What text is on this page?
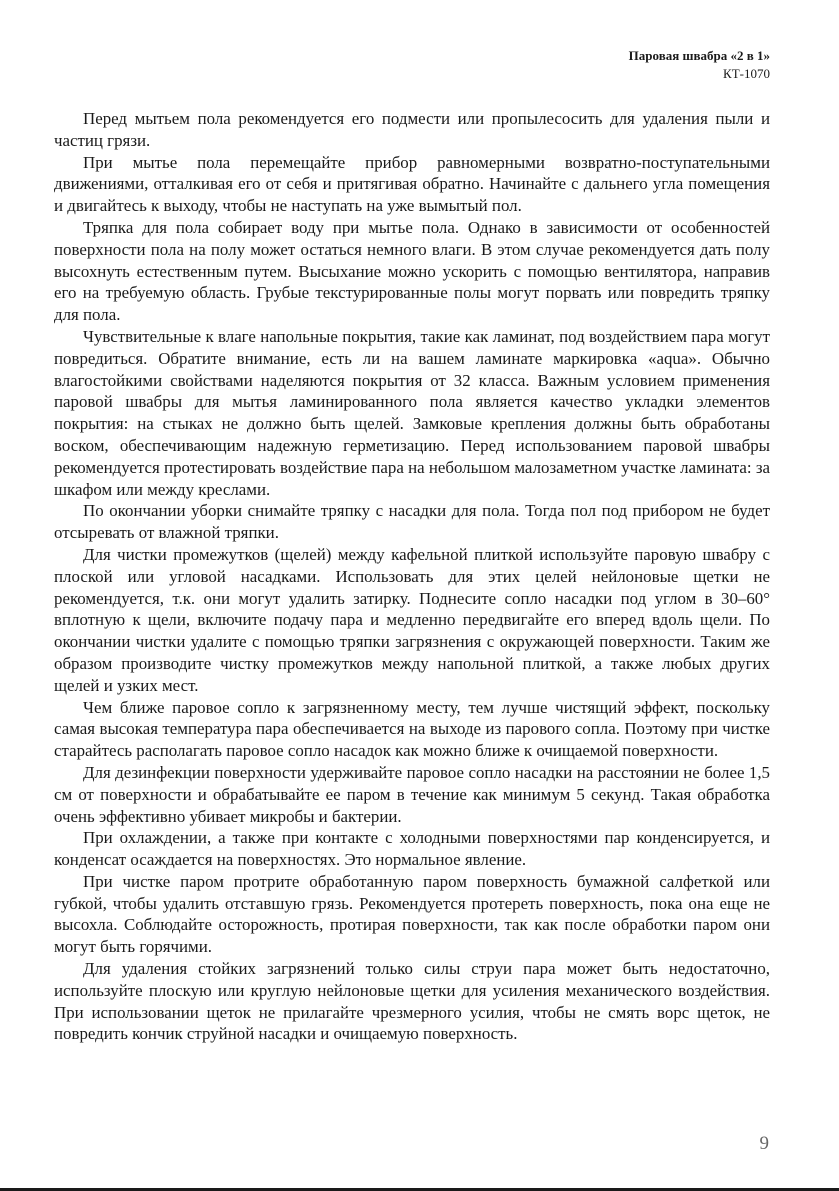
Паровая швабра «2 в 1»
КТ-1070

Перед мытьем пола рекомендуется его подмести или пропылесосить для удаления пыли и частиц грязи.

При мытье пола перемещайте прибор равномерными возвратно-поступательными движениями, отталкивая его от себя и притягивая обратно. Начинайте с дальнего угла помещения и двигайтесь к выходу, чтобы не наступать на уже вымытый пол.

Тряпка для пола собирает воду при мытье пола. Однако в зависимости от особенностей поверхности пола на полу может остаться немного влаги. В этом случае рекомендуется дать полу высохнуть естественным путем. Высыхание можно ускорить с помощью вентилятора, направив его на требуемую область. Грубые текстурированные полы могут порвать или повредить тряпку для пола.

Чувствительные к влаге напольные покрытия, такие как ламинат, под воздействием пара могут повредиться. Обратите внимание, есть ли на вашем ламинате маркировка «aqua». Обычно влагостойкими свойствами наделяются покрытия от 32 класса. Важным условием применения паровой швабры для мытья ламинированного пола является качество укладки элементов покрытия: на стыках не должно быть щелей. Замковые крепления должны быть обработаны воском, обеспечивающим надежную герметизацию. Перед использованием паровой швабры рекомендуется протестировать воздействие пара на небольшом малозаметном участке ламината: за шкафом или между креслами.

По окончании уборки снимайте тряпку с насадки для пола. Тогда пол под прибором не будет отсыревать от влажной тряпки.

Для чистки промежутков (щелей) между кафельной плиткой используйте паровую швабру с плоской или угловой насадками. Использовать для этих целей нейлоновые щетки не рекомендуется, т.к. они могут удалить затирку. Поднесите сопло насадки под углом в 30–60° вплотную к щели, включите подачу пара и медленно передвигайте его вперед вдоль щели. По окончании чистки удалите с помощью тряпки загрязнения с окружающей поверхности. Таким же образом производите чистку промежутков между напольной плиткой, а также любых других щелей и узких мест.

Чем ближе паровое сопло к загрязненному месту, тем лучше чистящий эффект, поскольку самая высокая температура пара обеспечивается на выходе из парового сопла. Поэтому при чистке старайтесь располагать паровое сопло насадок как можно ближе к очищаемой поверхности.

Для дезинфекции поверхности удерживайте паровое сопло насадки на расстоянии не более 1,5 см от поверхности и обрабатывайте ее паром в течение как минимум 5 секунд. Такая обработка очень эффективно убивает микробы и бактерии.

При охлаждении, а также при контакте с холодными поверхностями пар конденсируется, и конденсат осаждается на поверхностях. Это нормальное явление.

При чистке паром протрите обработанную паром поверхность бумажной салфеткой или губкой, чтобы удалить отставшую грязь. Рекомендуется протереть поверхность, пока она еще не высохла. Соблюдайте осторожность, протирая поверхности, так как после обработки паром они могут быть горячими.

Для удаления стойких загрязнений только силы струи пара может быть недостаточно, используйте плоскую или круглую нейлоновые щетки для усиления механического воздействия. При использовании щеток не прилагайте чрезмерного усилия, чтобы не смять ворс щеток, не повредить кончик струйной насадки и очищаемую поверхность.

9
